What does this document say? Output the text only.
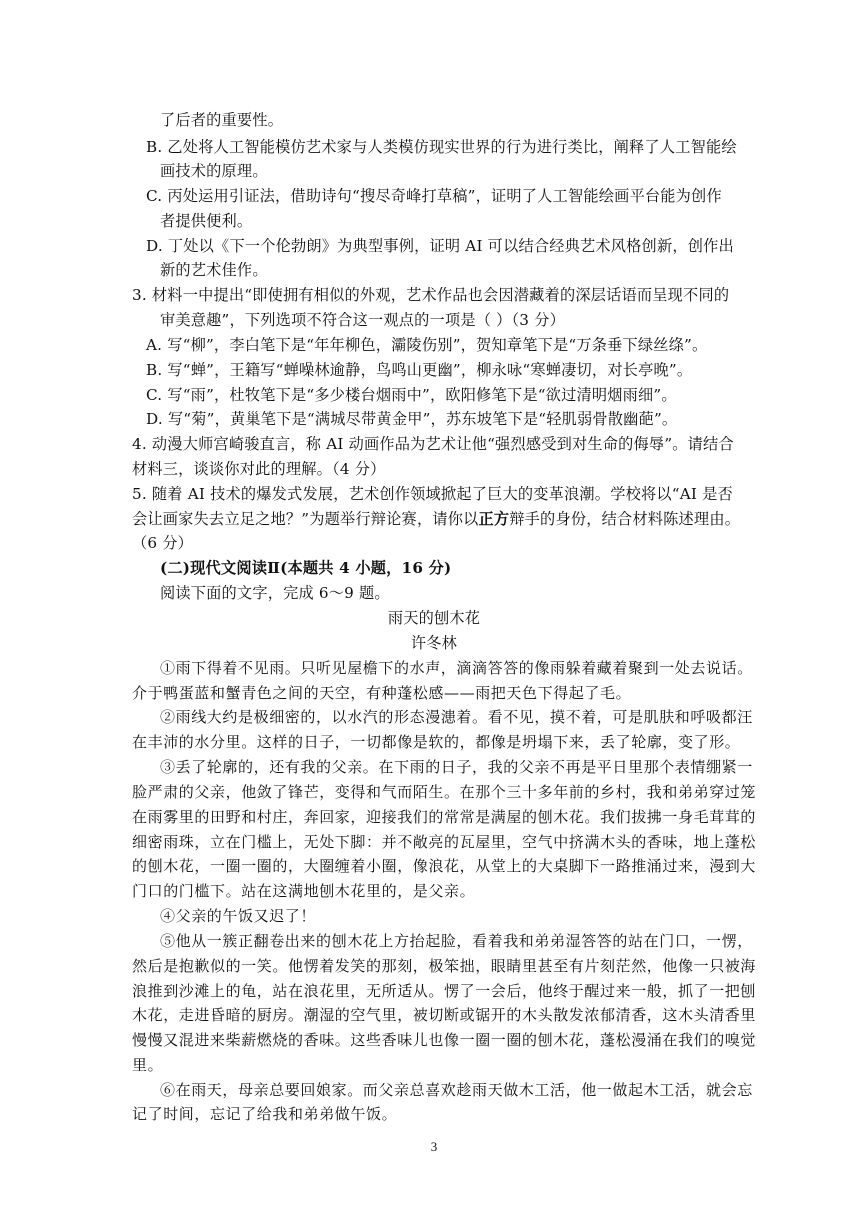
了后者的重要性。
B. 乙处将人工智能模仿艺术家与人类模仿现实世界的行为进行类比，阐释了人工智能绘
画技术的原理。
C. 丙处运用引证法，借助诗句“搜尽奇峰打草稿”，证明了人工智能绘画平台能为创作
者提供便利。
D. 丁处以《下一个伦勃朗》为典型事例，证明 AI 可以结合经典艺术风格创新，创作出
新的艺术佳作。
3. 材料一中提出“即使拥有相似的外观，艺术作品也会因潜藏着的深层话语而呈现不同的
审美意趣”，下列选项不符合这一观点的一项是（ ）（3 分）
A. 写“柳”，李白笔下是“年年柳色，灞陵伤别”，贺知章笔下是“万条垂下绿丝绦”。
B. 写“蝉”，王籍写“蝉噪林逾静，鸟鸣山更幽”，柳永咏“寒蝉凄切，对长亭晚”。
C. 写“雨”，杜牧笔下是“多少楼台烟雨中”，欧阳修笔下是“欲过清明烟雨细”。
D. 写“菊”，黄巢笔下是“满城尽带黄金甲”，苏东坡笔下是“轻肌弱骨散幽葩”。
4. 动漫大师宫崎骏直言，称 AI 动画作品为艺术让他“强烈感受到对生命的侮辱”。请结合
材料三，谈谈你对此的理解。（4 分）
5. 随着 AI 技术的爆发式发展，艺术创作领域掀起了巨大的变革浪潮。学校将以“AI 是否
会让画家失去立足之地？”为题举行辩论赛，请你以正方辩手的身份，结合材料陈述理由。
（6 分）
(二)现代文阅读Ⅱ(本题共 4 小题，16 分)
阅读下面的文字，完成 6～9 题。
雨天的刨木花
许冬林
①雨下得着不见雨。只听见屋檐下的水声，滴滴答答的像雨躲着藏着聚到一处去说话。
介于鸭蛋蓝和蟹青色之间的天空，有种蓬松感——雨把天色下得起了毛。
②雨线大约是极细密的，以水汽的形态漫漶着。看不见，摸不着，可是肌肤和呼吸都汪
在丰沛的水分里。这样的日子，一切都像是软的，都像是坍塌下来，丢了轮廓，变了形。
③丢了轮廓的，还有我的父亲。在下雨的日子，我的父亲不再是平日里那个表情绷紧一
脸严肃的父亲，他敛了锋芒，变得和气而陌生。在那个三十多年前的乡村，我和弟弟穿过笼
在雨雾里的田野和村庄，奔回家，迎接我们的常常是满屋的刨木花。我们拔拂一身毛茸茸的
细密雨珠，立在门槛上，无处下脚：并不敞亮的瓦屋里，空气中挤满木头的香味，地上蓬松
的刨木花，一圈一圈的，大圈缠着小圈，像浪花，从堂上的大桌脚下一路推涌过来，漫到大
门口的门槛下。站在这满地刨木花里的，是父亲。
④父亲的午饭又迟了！
⑤他从一簇正翻卷出来的刨木花上方抬起脸，看着我和弟弟湿答答的站在门口，一愣，
然后是抱歉似的一笑。他愣着发笑的那刻，极笨拙，眼睛里甚至有片刻茫然，他像一只被海
浪推到沙滩上的龟，站在浪花里，无所适从。愣了一会后，他终于醒过来一般，抓了一把刨
木花，走进昏暗的厨房。潮湿的空气里，被切断或锯开的木头散发浓郁清香，这木头清香里
慢慢又混进来柴薪燃烧的香味。这些香味儿也像一圈一圈的刨木花，蓬松漫涌在我们的嗅觉
里。
⑥在雨天，母亲总要回娘家。而父亲总喜欢趁雨天做木工活，他一做起木工活，就会忘
记了时间，忘记了给我和弟弟做午饭。
3
